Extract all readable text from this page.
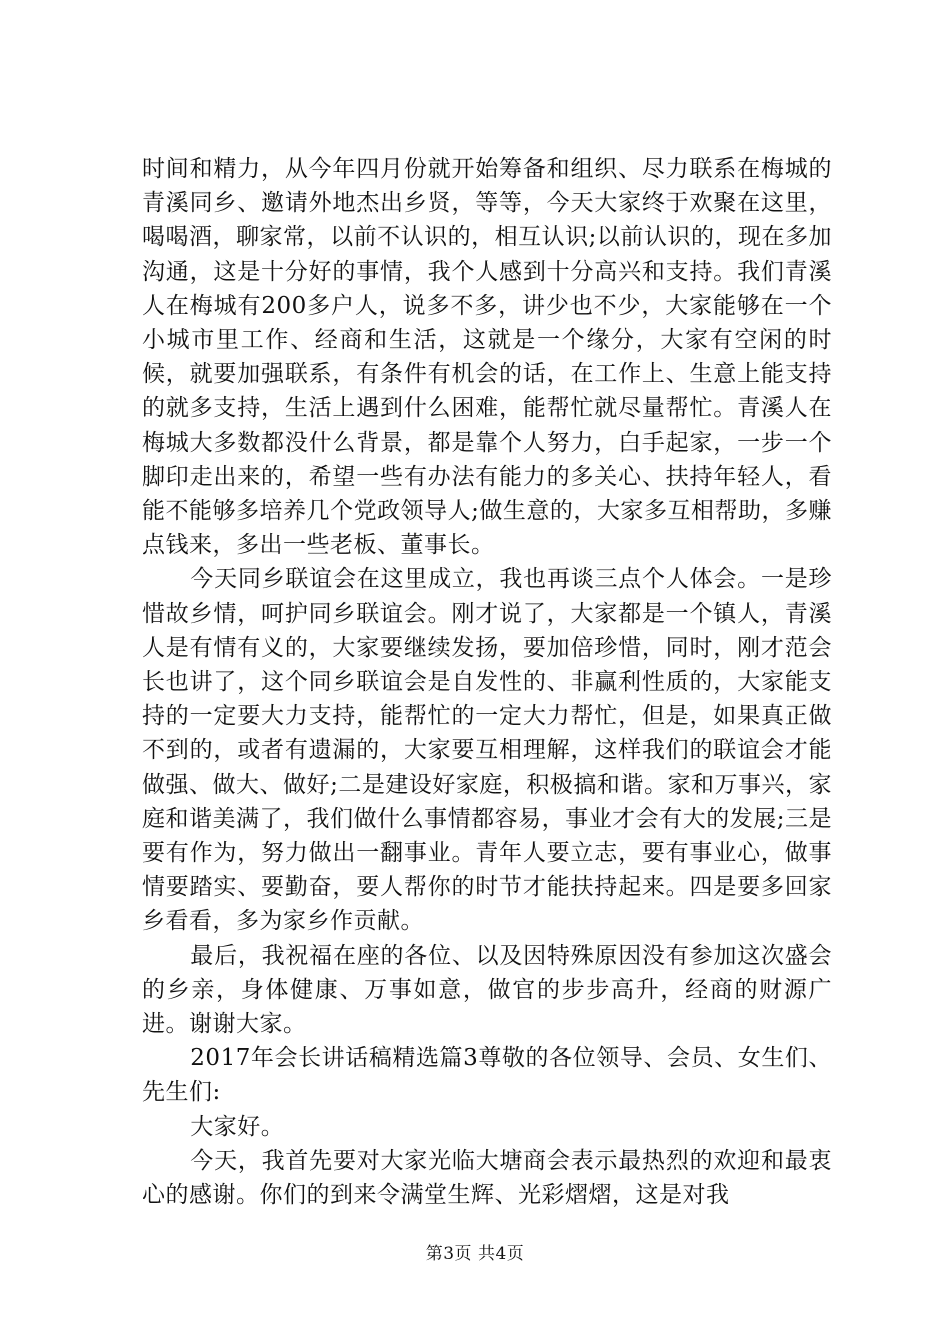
时间和精力，从今年四月份就开始筹备和组织、尽力联系在梅城的青溪同乡、邀请外地杰出乡贤，等等，今天大家终于欢聚在这里，喝喝酒，聊家常，以前不认识的，相互认识;以前认识的，现在多加沟通，这是十分好的事情，我个人感到十分高兴和支持。我们青溪人在梅城有200多户人，说多不多，讲少也不少，大家能够在一个小城市里工作、经商和生活，这就是一个缘分，大家有空闲的时候，就要加强联系，有条件有机会的话，在工作上、生意上能支持的就多支持，生活上遇到什么困难，能帮忙就尽量帮忙。青溪人在梅城大多数都没什么背景，都是靠个人努力，白手起家，一步一个脚印走出来的，希望一些有办法有能力的多关心、扶持年轻人，看能不能够多培养几个党政领导人;做生意的，大家多互相帮助，多赚点钱来，多出一些老板、董事长。

今天同乡联谊会在这里成立，我也再谈三点个人体会。一是珍惜故乡情，呵护同乡联谊会。刚才说了，大家都是一个镇人，青溪人是有情有义的，大家要继续发扬，要加倍珍惜，同时，刚才范会长也讲了，这个同乡联谊会是自发性的、非赢利性质的，大家能支持的一定要大力支持，能帮忙的一定大力帮忙，但是，如果真正做不到的，或者有遗漏的，大家要互相理解，这样我们的联谊会才能做强、做大、做好;二是建设好家庭，积极搞和谐。家和万事兴，家庭和谐美满了，我们做什么事情都容易，事业才会有大的发展;三是要有作为，努力做出一翻事业。青年人要立志，要有事业心，做事情要踏实、要勤奋，要人帮你的时节才能扶持起来。四是要多回家乡看看，多为家乡作贡献。

最后，我祝福在座的各位、以及因特殊原因没有参加这次盛会的乡亲，身体健康、万事如意，做官的步步高升，经商的财源广进。谢谢大家。

2017年会长讲话稿精选篇3尊敬的各位领导、会员、女生们、先生们:

大家好。

今天，我首先要对大家光临大塘商会表示最热烈的欢迎和最衷心的感谢。你们的到来令满堂生辉、光彩熠熠，这是对我

第3页 共4页
